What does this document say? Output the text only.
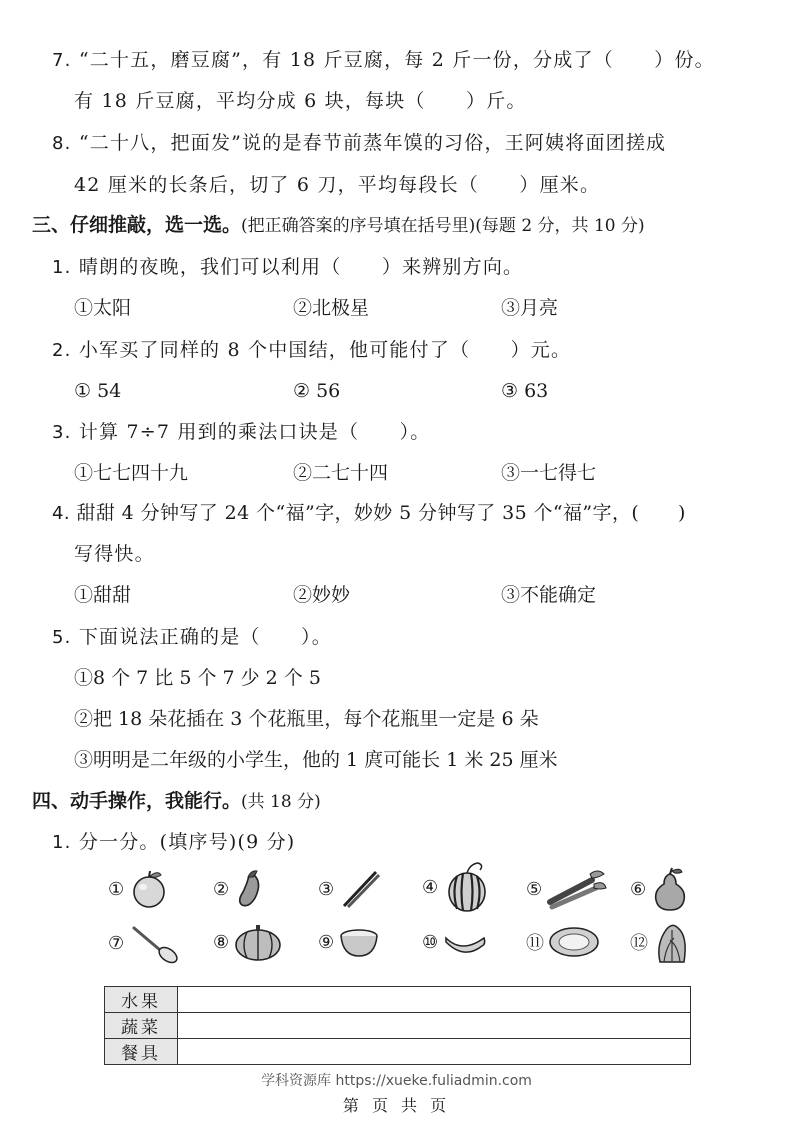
7. “二十五，磨豆腐”，有 18 斤豆腐，每 2 斤一份，分成了（　　）份。
有 18 斤豆腐，平均分成 6 块，每块（　　）斤。
8. “二十八，把面发”说的是春节前蒸年馍的习俗，王阿姨将面团搓成
42 厘米的长条后，切了 6 刀，平均每段长（　　）厘米。
三、仔细推敲，选一选。(把正确答案的序号填在括号里)(每题 2 分，共 10 分)
1. 晴朗的夜晚，我们可以利用（　　）来辨别方向。
①太阳	②北极星	③月亮
2. 小军买了同样的 8 个中国结，他可能付了（　　）元。
① 54	② 56	③ 63
3. 计算 7÷7 用到的乘法口诀是（　　）。
①七七四十九	②二七十四	③一七得七
4. 甜甜 4 分钟写了 24 个“福”字，妙妙 5 分钟写了 35 个“福”字，(　　)
写得快。
①甜甜	②妙妙	③不能确定
5. 下面说法正确的是（　　）。
①8 个 7 比 5 个 7 少 2 个 5
②把 18 朵花插在 3 个花瓶里，每个花瓶里一定是 6 朵
③明明是二年级的小学生，他的 1 庹可能长 1 米 25 厘米
四、动手操作，我能行。(共 18 分)
1. 分一分。(填序号)(9 分)
①	②	③	④	⑤	⑥
⑦	⑧	⑨	⑩	⑪	⑫
水果	
蔬菜	
餐具	
学科资源库 https://xueke.fuliadmin.com
第 页 共 页
